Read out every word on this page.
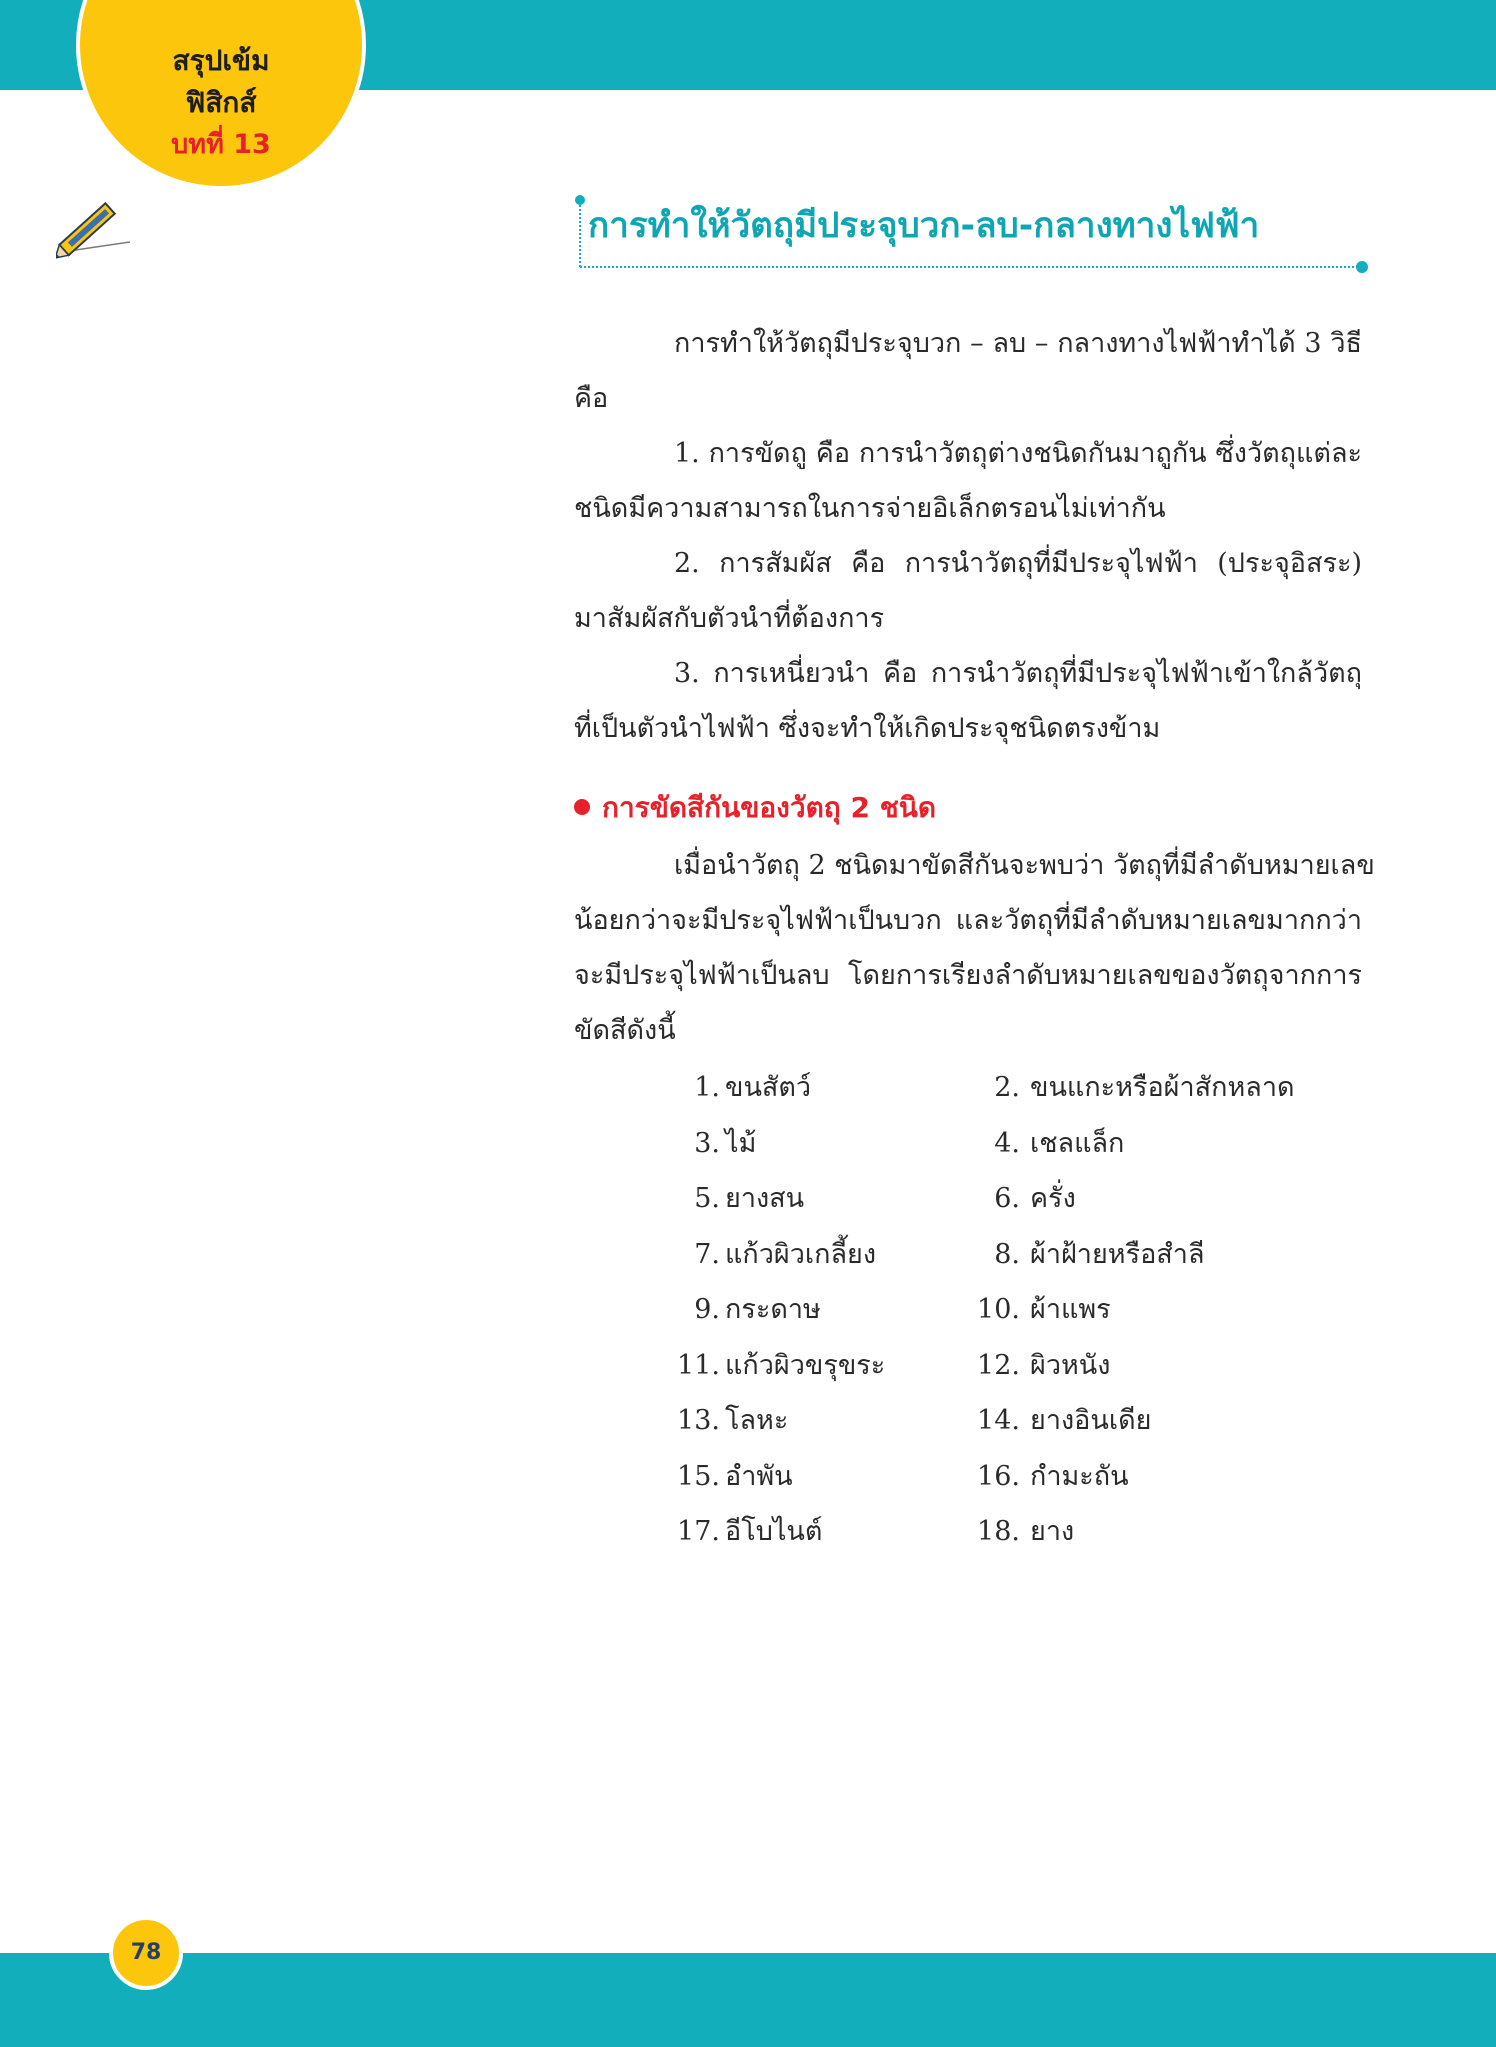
สรุปเข้ม
ฟิสิกส์
บทที่ 13
การทำให้วัตถุมีประจุบวก-ลบ-กลางทางไฟฟ้า
การทำให้วัตถุมีประจุบวก – ลบ – กลางทางไฟฟ้าทำได้ 3 วิธี
คือ
1. การขัดถู คือ การนำวัตถุต่างชนิดกันมาถูกัน ซึ่งวัตถุแต่ละ
ชนิดมีความสามารถในการจ่ายอิเล็กตรอนไม่เท่ากัน
2. การสัมผัส คือ การนำวัตถุที่มีประจุไฟฟ้า (ประจุอิสระ)
มาสัมผัสกับตัวนำที่ต้องการ
3. การเหนี่ยวนำ คือ การนำวัตถุที่มีประจุไฟฟ้าเข้าใกล้วัตถุ
ที่เป็นตัวนำไฟฟ้า ซึ่งจะทำให้เกิดประจุชนิดตรงข้าม
การขัดสีกันของวัตถุ 2 ชนิด
เมื่อนำวัตถุ 2 ชนิดมาขัดสีกันจะพบว่า วัตถุที่มีลำดับหมายเลข
น้อยกว่าจะมีประจุไฟฟ้าเป็นบวก และวัตถุที่มีลำดับหมายเลขมากกว่า
จะมีประจุไฟฟ้าเป็นลบ โดยการเรียงลำดับหมายเลขของวัตถุจากการ
ขัดสีดังนี้
1. ขนสัตว์	2. ขนแกะหรือผ้าสักหลาด
3. ไม้	4. เชลแล็ก
5. ยางสน	6. ครั่ง
7. แก้วผิวเกลี้ยง	8. ผ้าฝ้ายหรือสำลี
9. กระดาษ	10. ผ้าแพร
11. แก้วผิวขรุขระ	12. ผิวหนัง
13. โลหะ	14. ยางอินเดีย
15. อำพัน	16. กำมะถัน
17. อีโบไนต์	18. ยาง
78
